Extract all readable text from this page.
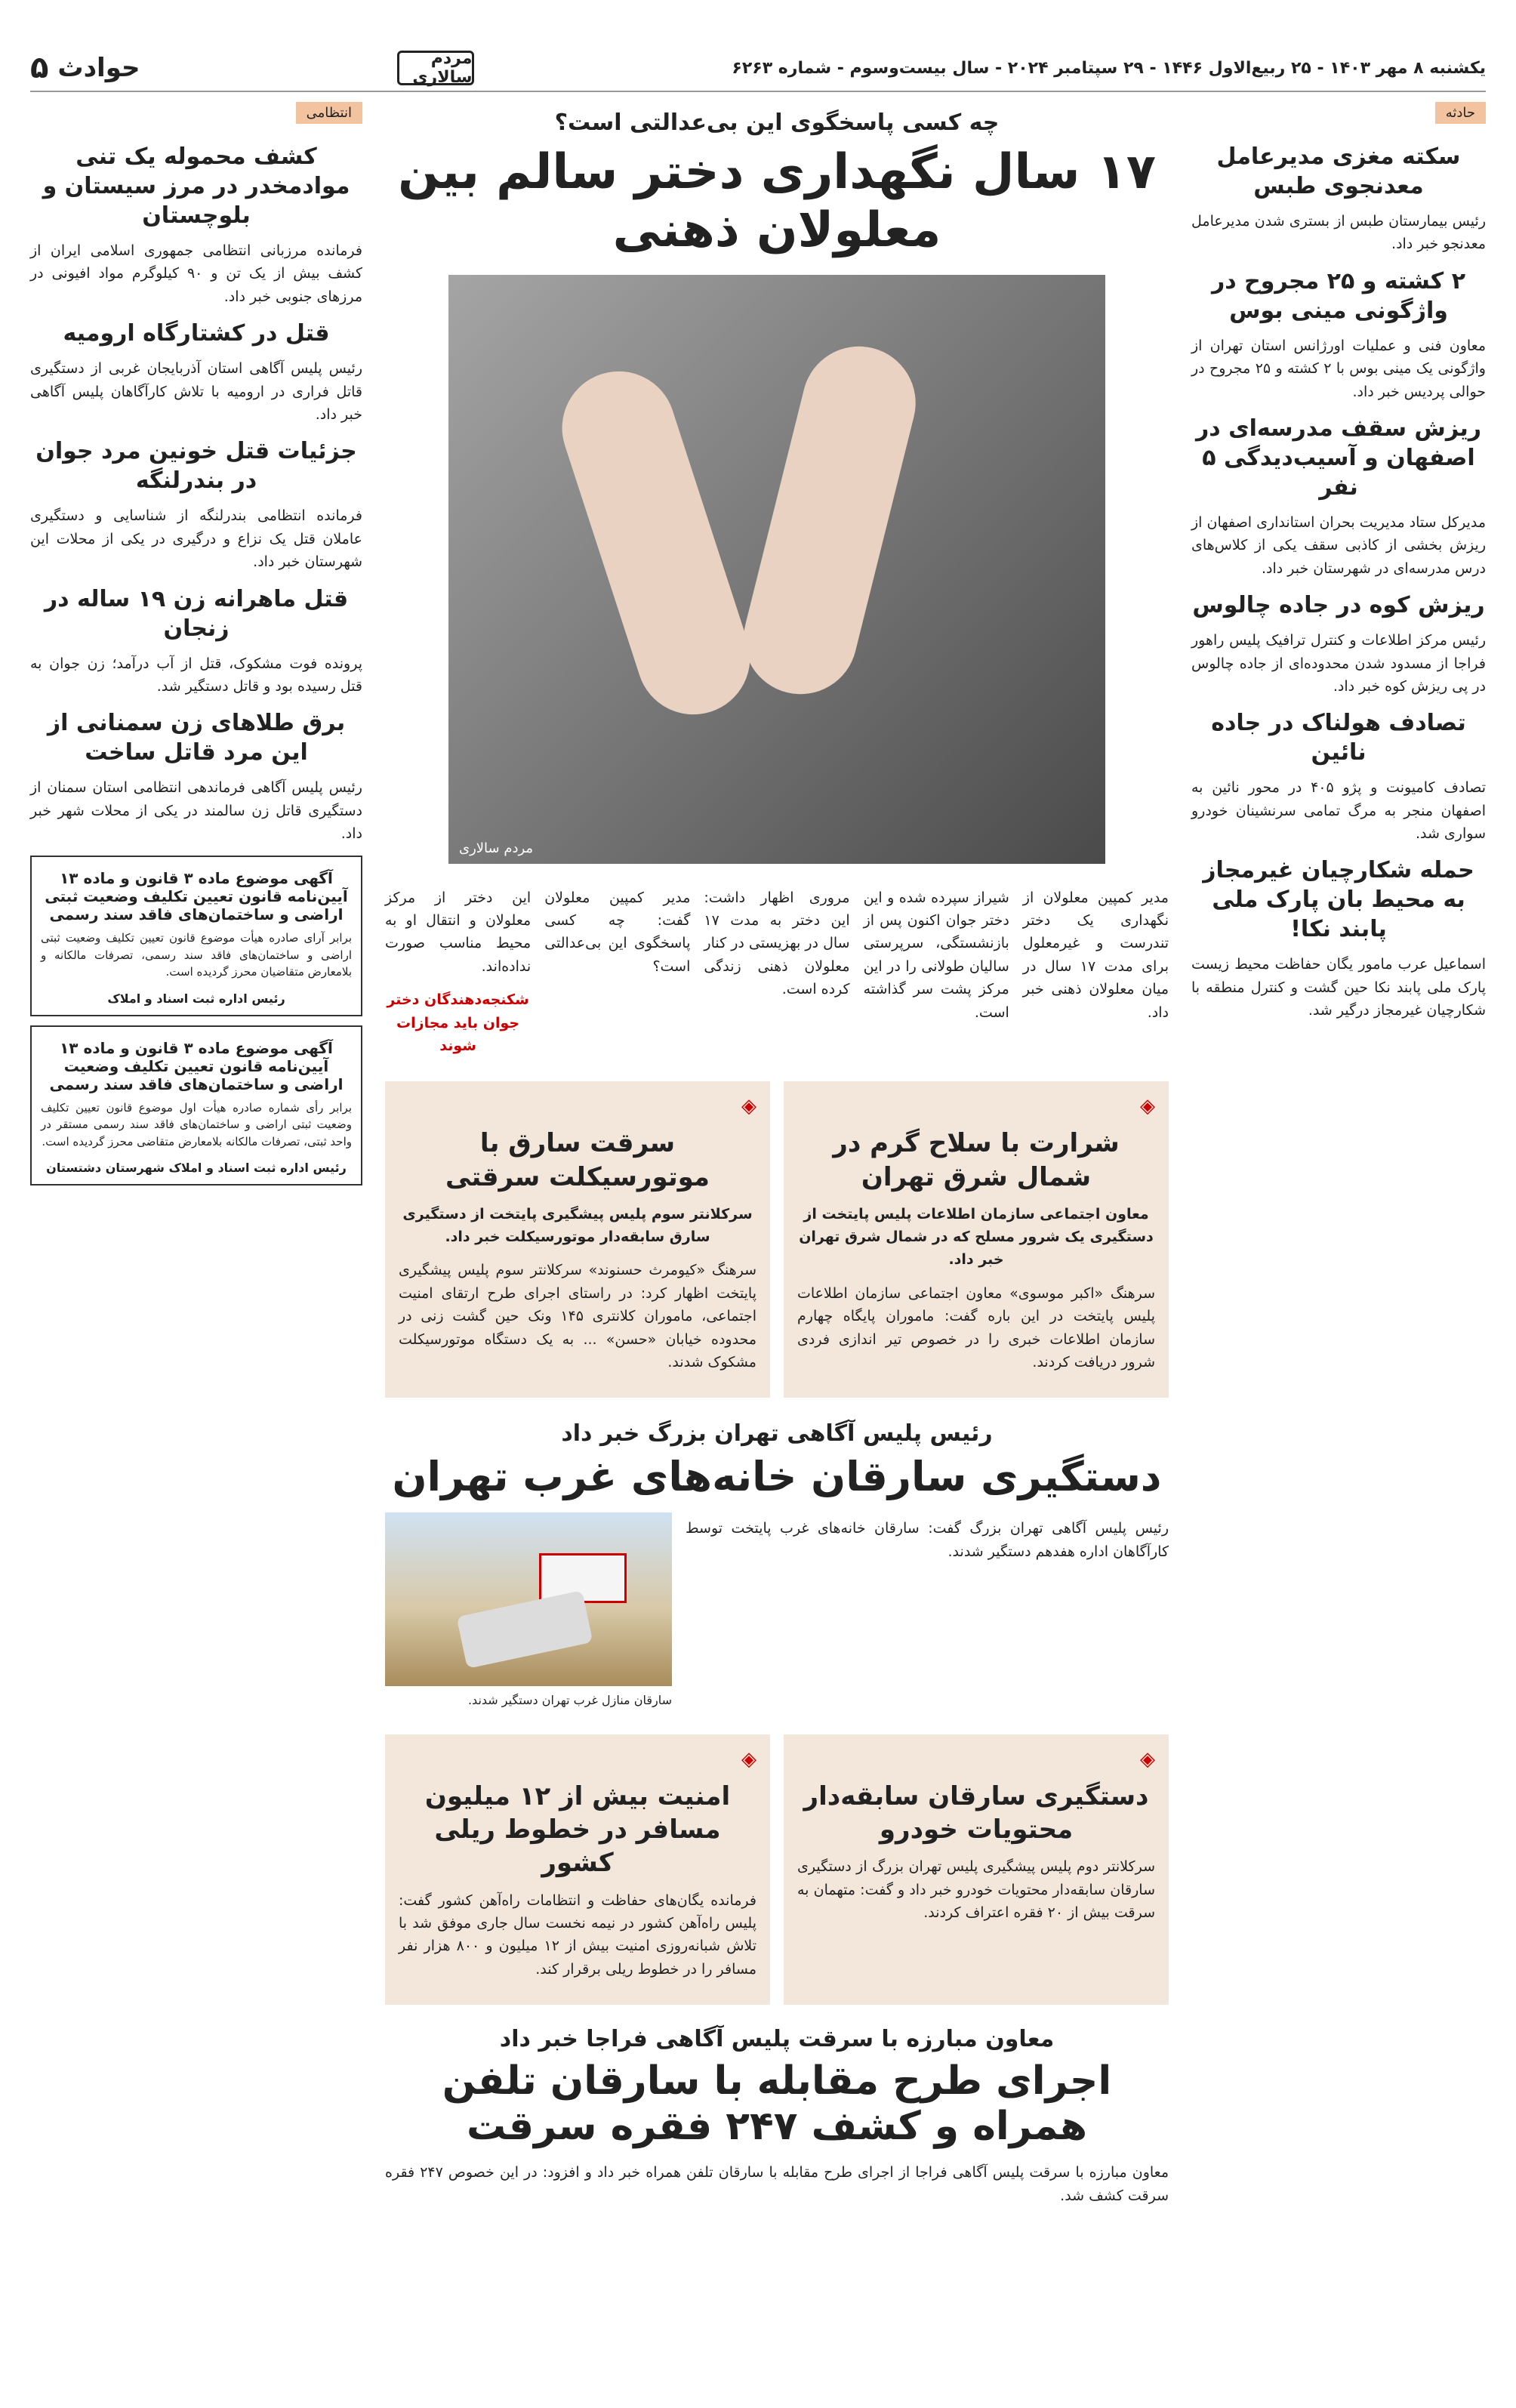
یکشنبه ۸ مهر ۱۴۰۳ - ۲۵ ربیع‌الاول ۱۴۴۶ - ۲۹ سپتامبر ۲۰۲۴ - سال بیست‌وسوم - شماره ۶۲۶۳
مردم سالاری
حوادث
۵
حادثه
سکته مغزی مدیرعامل معدنجوی طبس

رئیس بیمارستان طبس از بستری شدن مدیرعامل معدنجو خبر داد.

۲ کشته و ۲۵ مجروح در واژگونی مینی بوس

معاون فنی و عملیات اورژانس استان تهران از واژگونی یک مینی بوس با ۲ کشته و ۲۵ مجروح در حوالی پردیس خبر داد.

ریزش سقف مدرسه‌ای در اصفهان و آسیب‌دیدگی ۵ نفر

مدیرکل ستاد مدیریت بحران استانداری اصفهان از ریزش بخشی از کاذبی سقف یکی از کلاس‌های درس مدرسه‌ای در شهرستان خبر داد.

ریزش کوه در جاده چالوس

رئیس مرکز اطلاعات و کنترل ترافیک پلیس راهور فراجا از مسدود شدن محدوده‌ای از جاده چالوس در پی ریزش کوه خبر داد.

تصادف هولناک در جاده نائین

تصادف کامیونت و پژو ۴۰۵ در محور نائین به اصفهان منجر به مرگ تمامی سرنشینان خودرو سواری شد.

حمله شکارچیان غیرمجاز به محیط بان پارک ملی پابند نکا!

اسماعیل عرب مامور یگان حفاظت محیط زیست پارک ملی پابند نکا حین گشت و کنترل منطقه با شکارچیان غیرمجاز درگیر شد.

چه کسی پاسخگوی این بی‌عدالتی است؟
۱۷ سال نگهداری دختر سالم بین معلولان ذهنی
مردم سالاری

مدیر کمپین معلولان از نگهداری یک دختر تندرست و غیرمعلول برای مدت ۱۷ سال در میان معلولان ذهنی خبر داد.

شیراز سپرده شده و این دختر جوان اکنون پس از بازنشستگی، سرپرستی سالیان طولانی را در این مرکز پشت سر گذاشته است.

مروری اظهار داشت: این دختر به مدت ۱۷ سال در بهزیستی در کنار معلولان ذهنی زندگی کرده است.

مدیر کمپین معلولان گفت: چه کسی پاسخگوی این بی‌عدالتی است؟

این دختر از مرکز معلولان و انتقال او به محیط مناسب صورت نداده‌اند.

شکنجه‌دهندگان دختر جوان باید مجازات شوند

◈
شرارت با سلاح گرم در شمال شرق تهران

معاون اجتماعی سازمان اطلاعات پلیس پایتخت از دستگیری یک شرور مسلح که در شمال شرق تهران خبر داد.

سرهنگ «اکبر موسوی» معاون اجتماعی سازمان اطلاعات پلیس پایتخت در این باره گفت: ماموران پایگاه چهارم سازمان اطلاعات خبری را در خصوص تیر اندازی فردی شرور دریافت کردند.

◈
سرقت سارق با موتورسیکلت سرقتی

سرکلانتر سوم پلیس پیشگیری پایتخت از دستگیری سارق سابقه‌دار موتورسیکلت خبر داد.

سرهنگ «کیومرث حسنوند» سرکلانتر سوم پلیس پیشگیری پایتخت اظهار کرد: در راستای اجرای طرح ارتقای امنیت اجتماعی، ماموران کلانتری ۱۴۵ ونک حین گشت زنی در محدوده خیابان «حسن» ... به یک دستگاه موتورسیکلت مشکوک شدند.

رئیس پلیس آگاهی تهران بزرگ خبر داد
دستگیری سارقان خانه‌های غرب تهران

رئیس پلیس آگاهی تهران بزرگ گفت: سارقان خانه‌های غرب پایتخت توسط کارآگاهان اداره هفدهم دستگیر شدند.

سارقان منازل غرب تهران دستگیر شدند.

◈
دستگیری سارقان سابقه‌دار محتویات خودرو

سرکلانتر دوم پلیس پیشگیری پلیس تهران بزرگ از دستگیری سارقان سابقه‌دار محتویات خودرو خبر داد و گفت: متهمان به سرقت بیش از ۲۰ فقره اعتراف کردند.

◈
امنیت بیش از ۱۲ میلیون مسافر در خطوط ریلی کشور

فرمانده یگان‌های حفاظت و انتظامات راه‌آهن کشور گفت: پلیس راه‌آهن کشور در نیمه نخست سال جاری موفق شد با تلاش شبانه‌روزی امنیت بیش از ۱۲ میلیون و ۸۰۰ هزار نفر مسافر را در خطوط ریلی برقرار کند.

معاون مبارزه با سرقت پلیس آگاهی فراجا خبر داد
اجرای طرح مقابله با سارقان تلفن همراه و کشف ۲۴۷ فقره سرقت

معاون مبارزه با سرقت پلیس آگاهی فراجا از اجرای طرح مقابله با سارقان تلفن همراه خبر داد و افزود: در این خصوص ۲۴۷ فقره سرقت کشف شد.

انتظامی
کشف محموله یک تنی موادمخدر در مرز سیستان و بلوچستان

فرمانده مرزبانی انتظامی جمهوری اسلامی ایران از کشف بیش از یک تن و ۹۰ کیلوگرم مواد افیونی در مرزهای جنوبی خبر داد.

قتل در کشتارگاه ارومیه

رئیس پلیس آگاهی استان آذربایجان غربی از دستگیری قاتل فراری در ارومیه با تلاش کارآگاهان پلیس آگاهی خبر داد.

جزئیات قتل خونین مرد جوان در بندرلنگه

فرمانده انتظامی بندرلنگه از شناسایی و دستگیری عاملان قتل یک نزاع و درگیری در یکی از محلات این شهرستان خبر داد.

قتل ماهرانه زن ۱۹ ساله در زنجان

پرونده فوت مشکوک، قتل از آب درآمد؛ زن جوان به قتل رسیده بود و قاتل دستگیر شد.

برق طلاهای زن سمنانی از این مرد قاتل ساخت

رئیس پلیس آگاهی فرماندهی انتظامی استان سمنان از دستگیری قاتل زن سالمند در یکی از محلات شهر خبر داد.

آگهی موضوع ماده ۳ قانون و ماده ۱۳ آیین‌نامه قانون تعیین تکلیف وضعیت ثبتی اراضی و ساختمان‌های فاقد سند رسمی

برابر آرای صادره هیأت موضوع قانون تعیین تکلیف وضعیت ثبتی اراضی و ساختمان‌های فاقد سند رسمی، تصرفات مالکانه و بلامعارض متقاضیان محرز گردیده است.

رئیس اداره ثبت اسناد و املاک
آگهی موضوع ماده ۳ قانون و ماده ۱۳ آیین‌نامه قانون تعیین تکلیف وضعیت اراضی و ساختمان‌های فاقد سند رسمی

برابر رأی شماره صادره هیأت اول موضوع قانون تعیین تکلیف وضعیت ثبتی اراضی و ساختمان‌های فاقد سند رسمی مستقر در واحد ثبتی، تصرفات مالکانه بلامعارض متقاضی محرز گردیده است.

رئیس اداره ثبت اسناد و املاک شهرستان دشتستان
